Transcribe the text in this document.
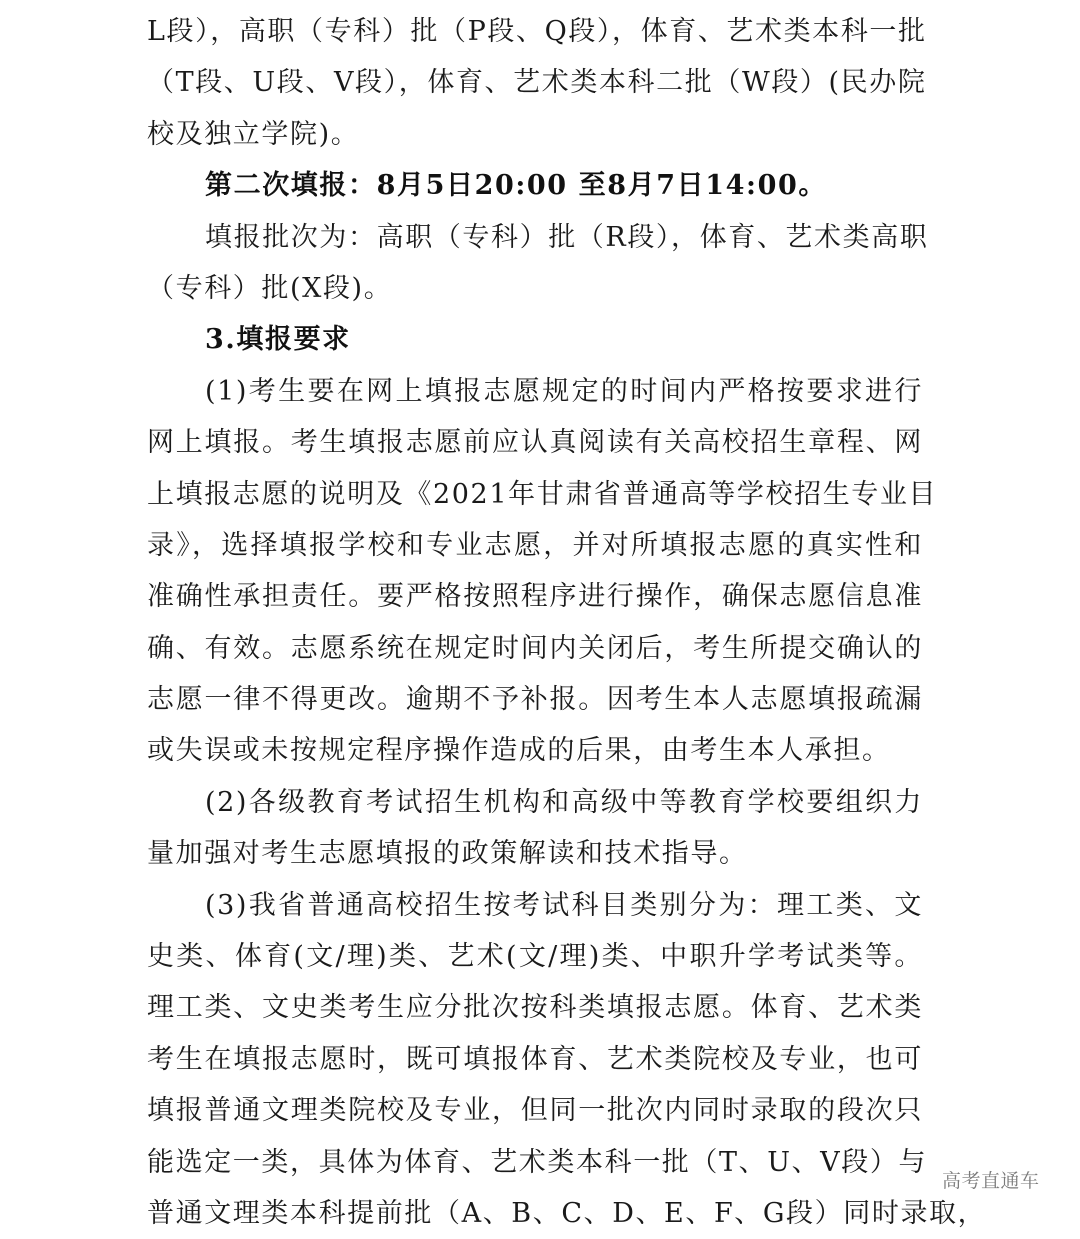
L段），高职（专科）批（P段、Q段），体育、艺术类本科一批
（T段、U段、V段），体育、艺术类本科二批（W段）(民办院
校及独立学院)。
第二次填报：8月5日20:00 至8月7日14:00。
填报批次为：高职（专科）批（R段），体育、艺术类高职
（专科）批(X段)。
3.填报要求
(1)考生要在网上填报志愿规定的时间内严格按要求进行
网上填报。考生填报志愿前应认真阅读有关高校招生章程、网
上填报志愿的说明及《2021年甘肃省普通高等学校招生专业目
录》，选择填报学校和专业志愿，并对所填报志愿的真实性和
准确性承担责任。要严格按照程序进行操作，确保志愿信息准
确、有效。志愿系统在规定时间内关闭后，考生所提交确认的
志愿一律不得更改。逾期不予补报。因考生本人志愿填报疏漏
或失误或未按规定程序操作造成的后果，由考生本人承担。
(2)各级教育考试招生机构和高级中等教育学校要组织力
量加强对考生志愿填报的政策解读和技术指导。
(3)我省普通高校招生按考试科目类别分为：理工类、文
史类、体育(文/理)类、艺术(文/理)类、中职升学考试类等。
理工类、文史类考生应分批次按科类填报志愿。体育、艺术类
考生在填报志愿时，既可填报体育、艺术类院校及专业，也可
填报普通文理类院校及专业，但同一批次内同时录取的段次只
能选定一类，具体为体育、艺术类本科一批（T、U、V段）与
普通文理类本科提前批（A、B、C、D、E、F、G段）同时录取，
高考直通车
